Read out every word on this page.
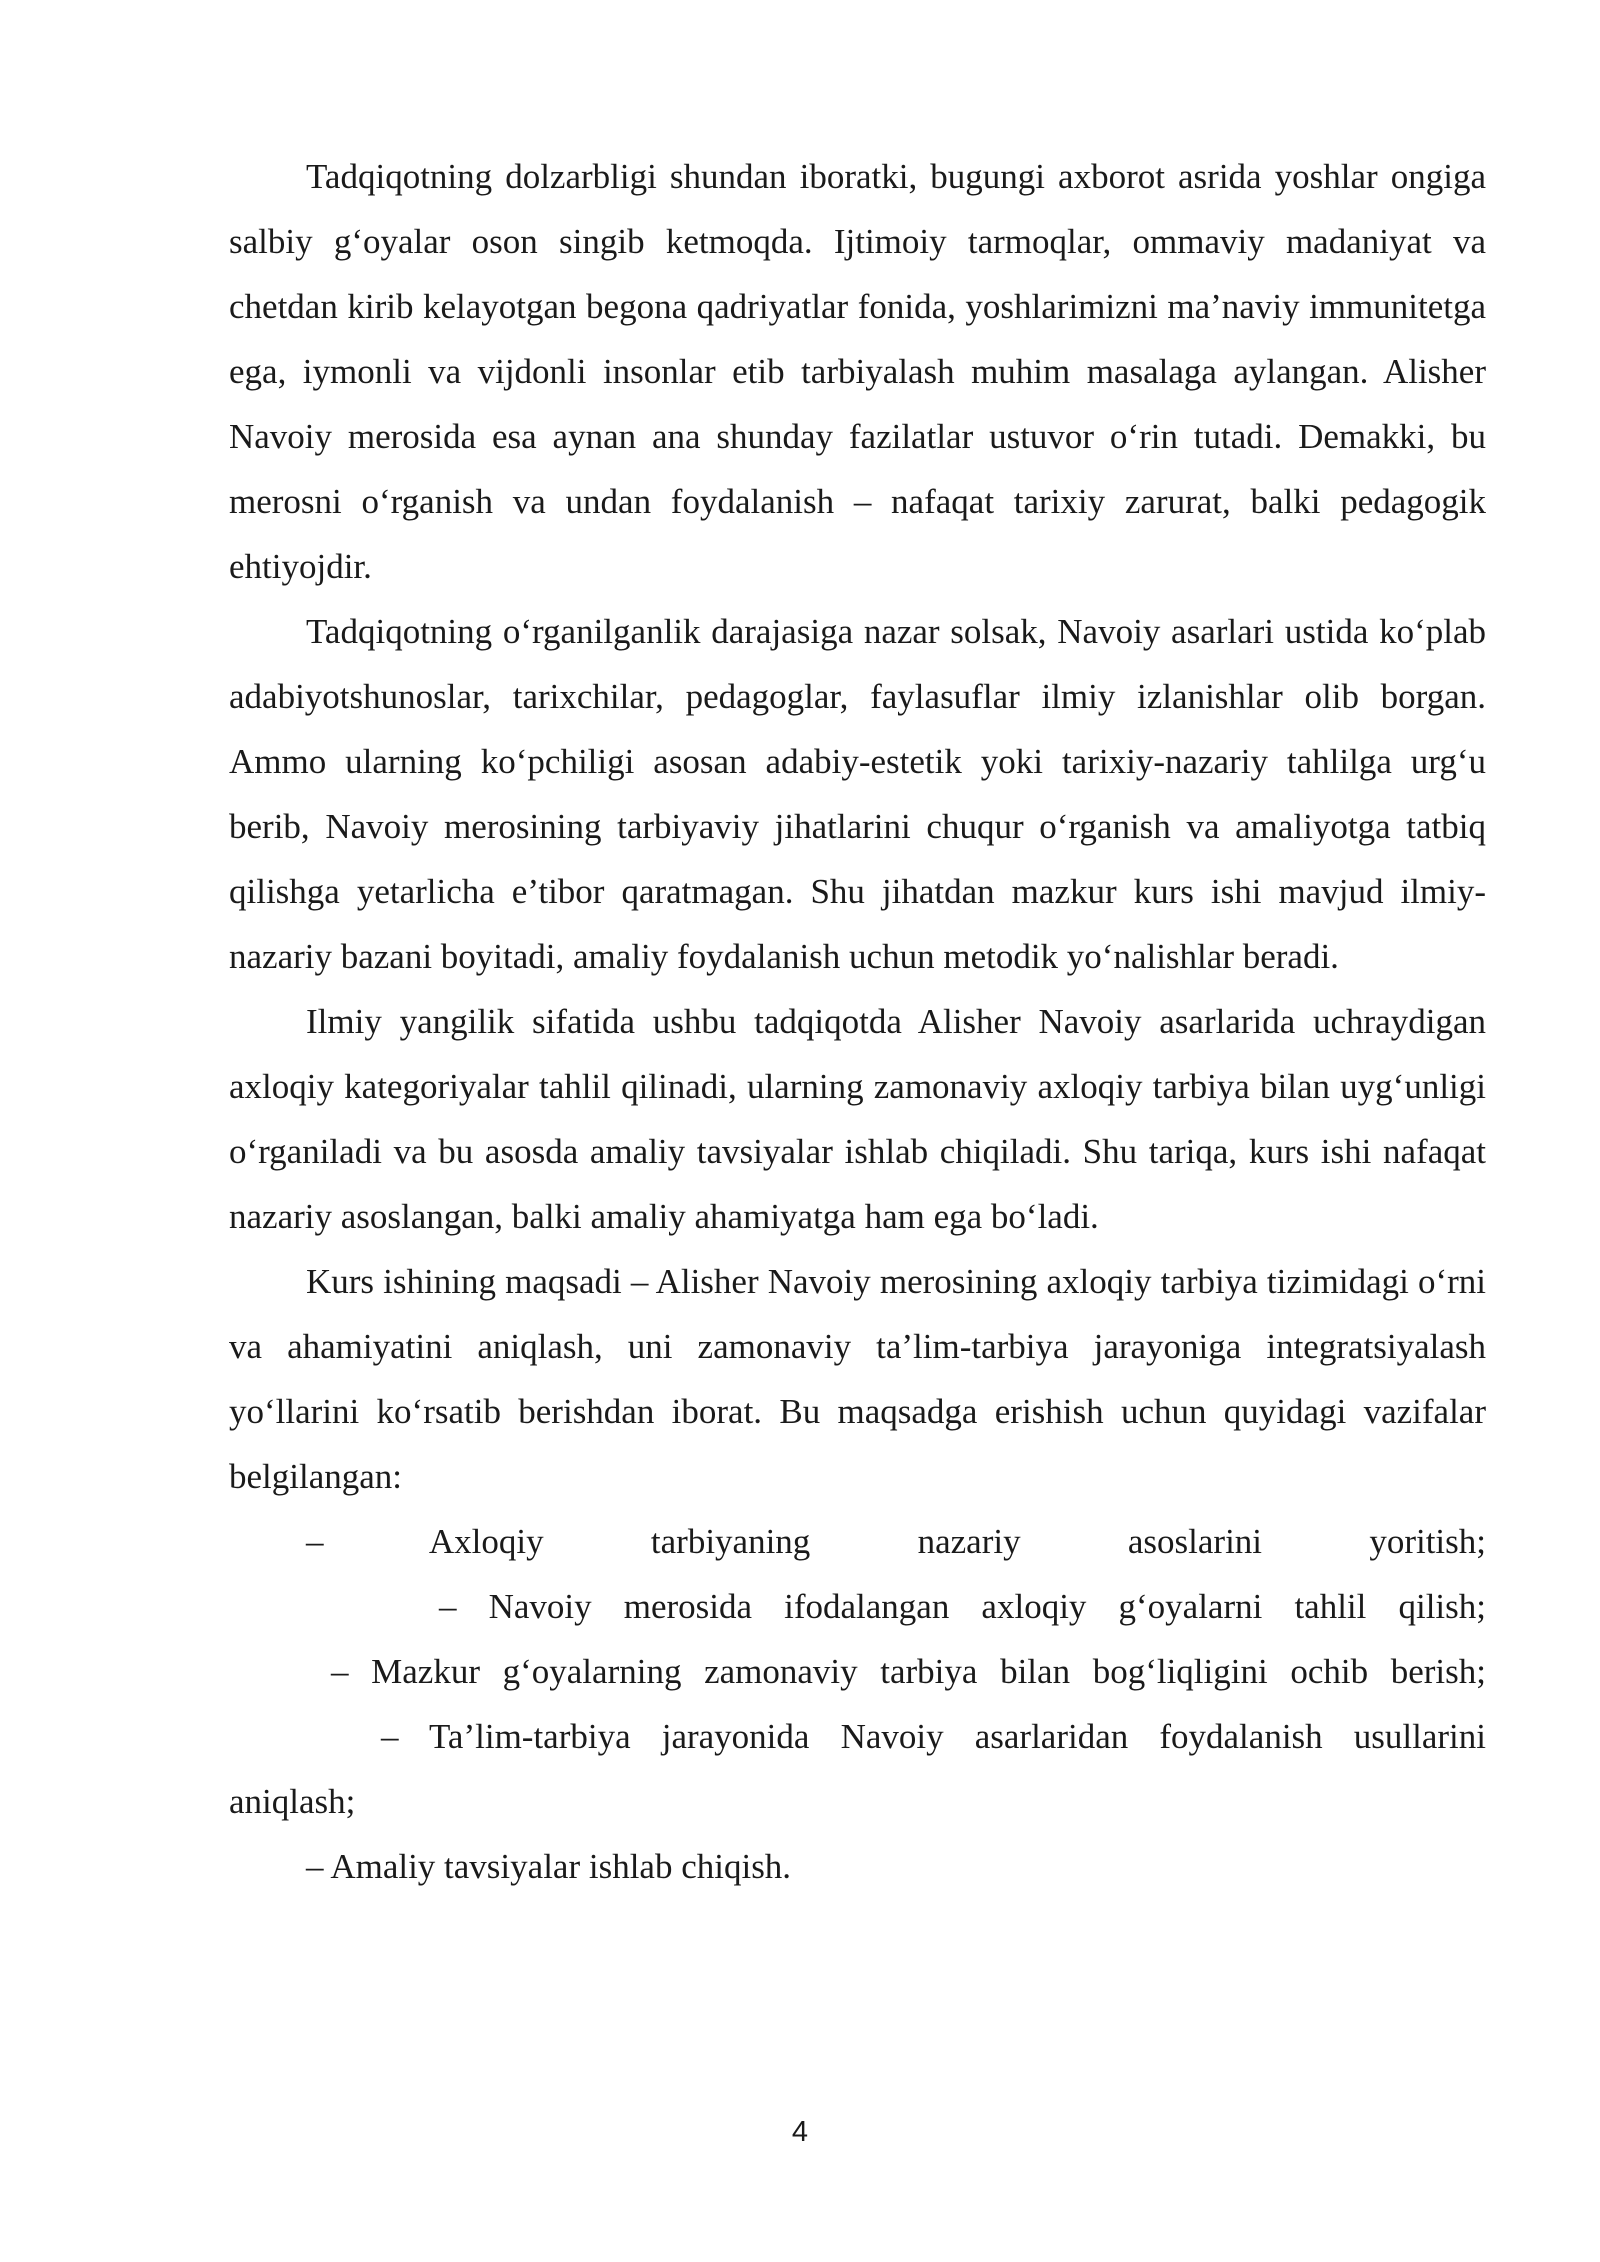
Tadqiqotning dolzarbligi shundan iboratki, bugungi axborot asrida yoshlar ongiga salbiy g‘oyalar oson singib ketmoqda. Ijtimoiy tarmoqlar, ommaviy madaniyat va chetdan kirib kelayotgan begona qadriyatlar fonida, yoshlarimizni ma’naviy immunitetga ega, iymonli va vijdonli insonlar etib tarbiyalash muhim masalaga aylangan. Alisher Navoiy merosida esa aynan ana shunday fazilatlar ustuvor o‘rin tutadi. Demakki, bu merosni o‘rganish va undan foydalanish – nafaqat tarixiy zarurat, balki pedagogik ehtiyojdir.

Tadqiqotning o‘rganilganlik darajasiga nazar solsak, Navoiy asarlari ustida ko‘plab adabiyotshunoslar, tarixchilar, pedagoglar, faylasuflar ilmiy izlanishlar olib borgan. Ammo ularning ko‘pchiligi asosan adabiy-estetik yoki tarixiy-nazariy tahlilga urg‘u berib, Navoiy merosining tarbiyaviy jihatlarini chuqur o‘rganish va amaliyotga tatbiq qilishga yetarlicha e’tibor qaratmagan. Shu jihatdan mazkur kurs ishi mavjud ilmiy-nazariy bazani boyitadi, amaliy foydalanish uchun metodik yo‘nalishlar beradi.

Ilmiy yangilik sifatida ushbu tadqiqotda Alisher Navoiy asarlarida uchraydigan axloqiy kategoriyalar tahlil qilinadi, ularning zamonaviy axloqiy tarbiya bilan uyg‘unligi o‘rganiladi va bu asosda amaliy tavsiyalar ishlab chiqiladi. Shu tariqa, kurs ishi nafaqat nazariy asoslangan, balki amaliy ahamiyatga ham ega bo‘ladi.

Kurs ishining maqsadi – Alisher Navoiy merosining axloqiy tarbiya tizimidagi o‘rni va ahamiyatini aniqlash, uni zamonaviy ta’lim-tarbiya jarayoniga integratsiyalash yo‘llarini ko‘rsatib berishdan iborat. Bu maqsadga erishish uchun quyidagi vazifalar belgilangan:

– Axloqiy tarbiyaning nazariy asoslarini yoritish;

– Navoiy merosida ifodalangan axloqiy g‘oyalarni tahlil qilish;

– Mazkur g‘oyalarning zamonaviy tarbiya bilan bog‘liqligini ochib berish;

– Ta’lim-tarbiya jarayonida Navoiy asarlaridan foydalanish usullarini aniqlash;

– Amaliy tavsiyalar ishlab chiqish.

4
